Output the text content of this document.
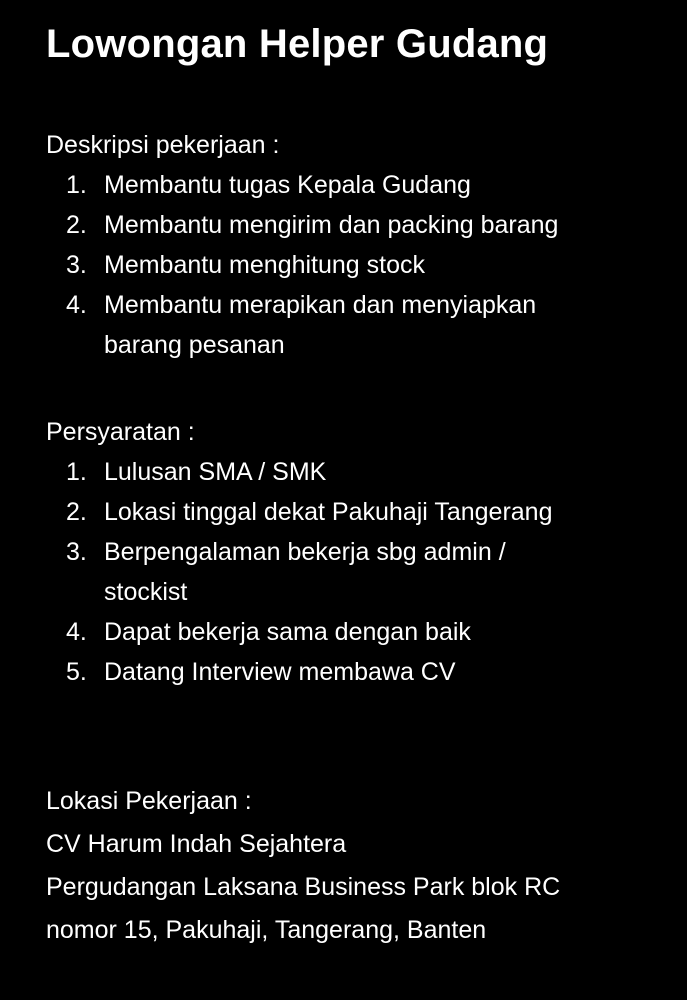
Lowongan Helper Gudang

Deskripsi pekerjaan :

1. Membantu tugas Kepala Gudang
2. Membantu mengirim dan packing barang
3. Membantu menghitung stock
4. Membantu merapikan dan menyiapkan barang pesanan

Persyaratan :

1. Lulusan SMA / SMK
2. Lokasi tinggal dekat Pakuhaji Tangerang
3. Berpengalaman bekerja sbg admin / stockist
4. Dapat bekerja sama dengan baik
5. Datang Interview membawa CV

Lokasi Pekerjaan :

CV Harum Indah Sejahtera

Pergudangan Laksana Business Park blok RC

nomor 15, Pakuhaji, Tangerang, Banten
